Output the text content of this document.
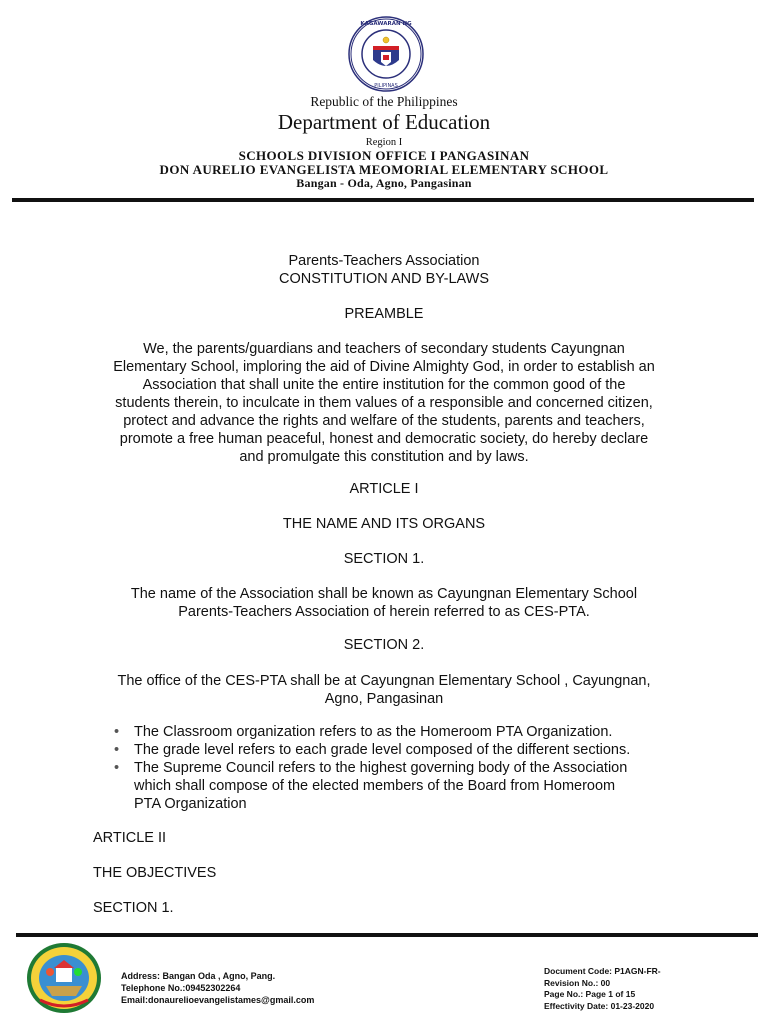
KAGAWARAN NG
PILIPINAS
Republic of the Philippines
Department of Education
Region I
SCHOOLS DIVISION OFFICE I PANGASINAN
DON AURELIO EVANGELISTA MEOMORIAL ELEMENTARY SCHOOL
Bangan - Oda, Agno, Pangasinan
Parents-Teachers Association
CONSTITUTION AND BY-LAWS
PREAMBLE
We, the parents/guardians and teachers of secondary students Cayungnan
Elementary School, imploring the aid of Divine Almighty God, in order to establish an
Association that shall unite the entire institution for the common good of the
students therein, to inculcate in them values of a responsible and concerned citizen,
protect and advance the rights and welfare of the students, parents and teachers,
promote a free human peaceful, honest and democratic society, do hereby declare
and promulgate this constitution and by laws.
ARTICLE I
THE NAME AND ITS ORGANS
SECTION 1.
The name of the Association shall be known as Cayungnan Elementary School
Parents-Teachers Association of herein referred to as CES-PTA.
SECTION 2.
The office of the CES-PTA shall be at Cayungnan Elementary School , Cayungnan,
Agno, Pangasinan
• The Classroom organization refers to as the Homeroom PTA Organization.
• The grade level refers to each grade level composed of the different sections.
• The Supreme Council refers to the highest governing body of the Association
which shall compose of the elected members of the Board from Homeroom
PTA Organization
ARTICLE II
THE OBJECTIVES
SECTION 1.
Address: Bangan Oda , Agno, Pang.
Telephone No.:09452302264
Email:donaurelioevangelistames@gmail.com
Document Code: P1AGN-FR-
Revision No.: 00
Page No.: Page 1 of 15
Effectivity Date: 01-23-2020
